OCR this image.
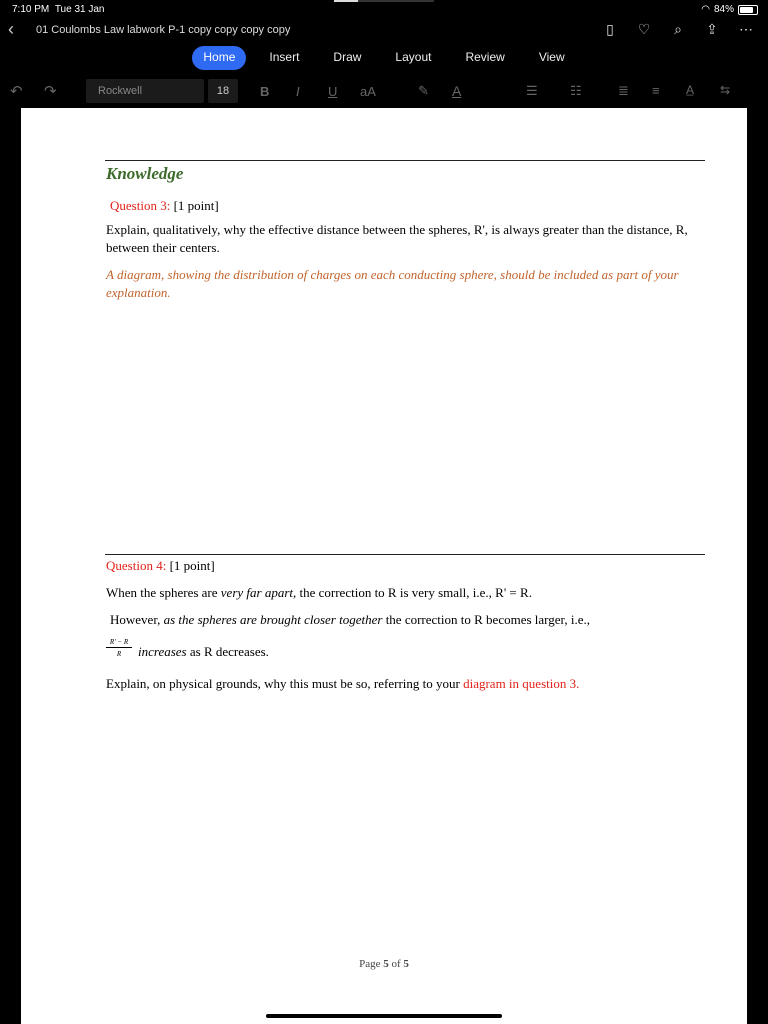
7:10 PM Tue 31 Jan	◠ 84%
‹ 01 Coulombs Law labwork P-1 copy copy copy copy	▯	♡	⌕	⇪ ⋯
Home	Insert	Draw	Layout	Review	View
↶ ↷	Rockwell	18	B I U aA	✎ A	☰ ☷	≣ ≡ A̲ ⇆
Knowledge
Question 3: [1 point]
Explain, qualitatively, why the effective distance between the spheres, R', is always greater than the distance, R, between their centers.
A diagram, showing the distribution of charges on each conducting sphere, should be included as part of your explanation.
Question 4: [1 point]
When the spheres are very far apart, the correction to R is very small, i.e., R' = R.
However, as the spheres are brought closer together the correction to R becomes larger, i.e.,
$\frac{R' - R}{R}$ increases as R decreases.
Explain, on physical grounds, why this must be so, referring to your diagram in question 3.
Page 5 of 5
